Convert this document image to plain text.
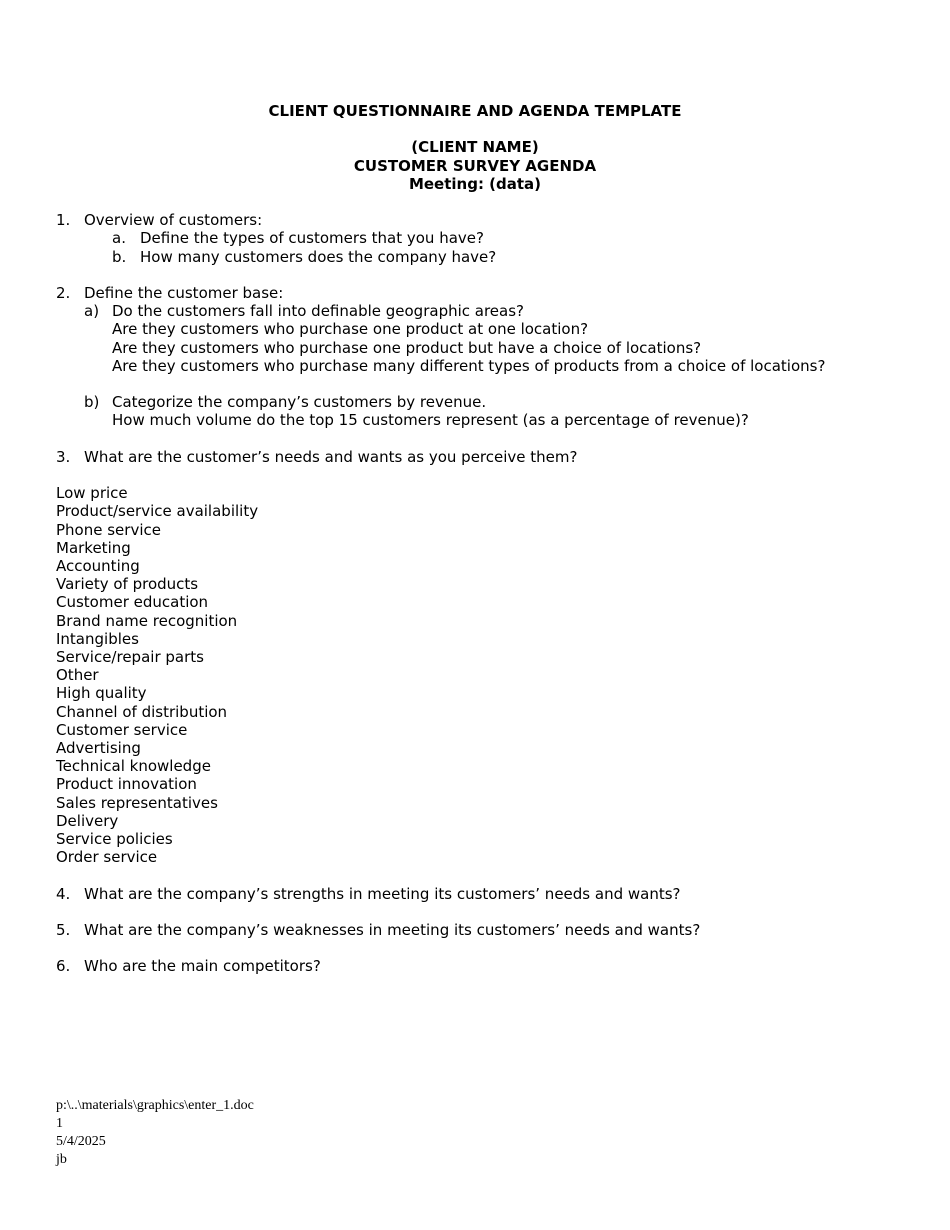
CLIENT QUESTIONNAIRE AND AGENDA TEMPLATE
(CLIENT NAME)
CUSTOMER SURVEY AGENDA
Meeting: (data)
1. Overview of customers:
a. Define the types of customers that you have?
b. How many customers does the company have?
2. Define the customer base:
a) Do the customers fall into definable geographic areas?
Are they customers who purchase one product at one location?
Are they customers who purchase one product but have a choice of locations?
Are they customers who purchase many different types of products from a choice of locations?
b) Categorize the company’s customers by revenue.
How much volume do the top 15 customers represent (as a percentage of revenue)?
3. What are the customer’s needs and wants as you perceive them?
Low price
Product/service availability
Phone service
Marketing
Accounting
Variety of products
Customer education
Brand name recognition
Intangibles
Service/repair parts
Other
High quality
Channel of distribution
Customer service
Advertising
Technical knowledge
Product innovation
Sales representatives
Delivery
Service policies
Order service
4. What are the company’s strengths in meeting its customers’ needs and wants?
5. What are the company’s weaknesses in meeting its customers’ needs and wants?
6. Who are the main competitors?
p:\..\materials\graphics\enter_1.doc
1
5/4/2025
jb
